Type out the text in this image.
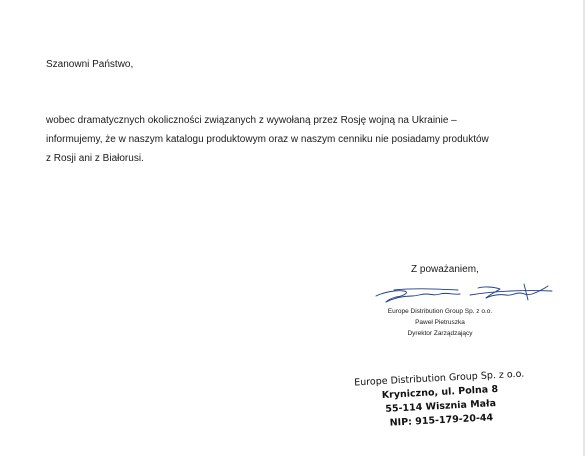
Szanowni Państwo,
wobec dramatycznych okoliczności związanych z wywołaną przez Rosję wojną na Ukrainie –
informujemy, że w naszym katalogu produktowym oraz w naszym cenniku nie posiadamy produktów
z Rosji ani z Białorusi.
Z poważaniem,
Europe Distribution Group Sp. z o.o.
Paweł Pietruszka
Dyrektor Zarządzający
Europe Distribution Group Sp. z o.o.
Kryniczno, ul. Polna 8
55-114 Wisznia Mała
NIP: 915-179-20-44
